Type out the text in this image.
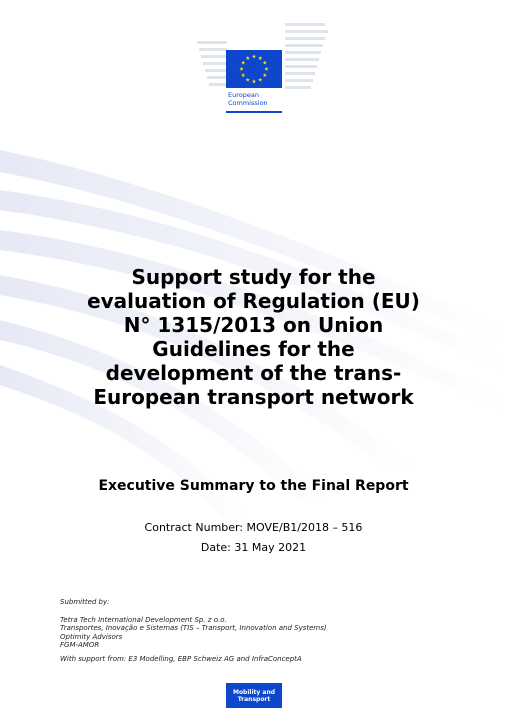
European
Commission
Support study for the
evaluation of Regulation (EU)
N° 1315/2013 on Union
Guidelines for the
development of the trans-
European transport network
Executive Summary to the Final Report
Contract Number: MOVE/B1/2018 – 516
Date: 31 May 2021
Submitted by:
Tetra Tech International Development Sp. z o.o.
Transportes, Inovação e Sistemas (TIS – Transport, Innovation and Systems)
Optimity Advisors
FGM-AMOR
With support from: E3 Modelling, EBP Schweiz AG and InfraConceptA
Mobility and
Transport
